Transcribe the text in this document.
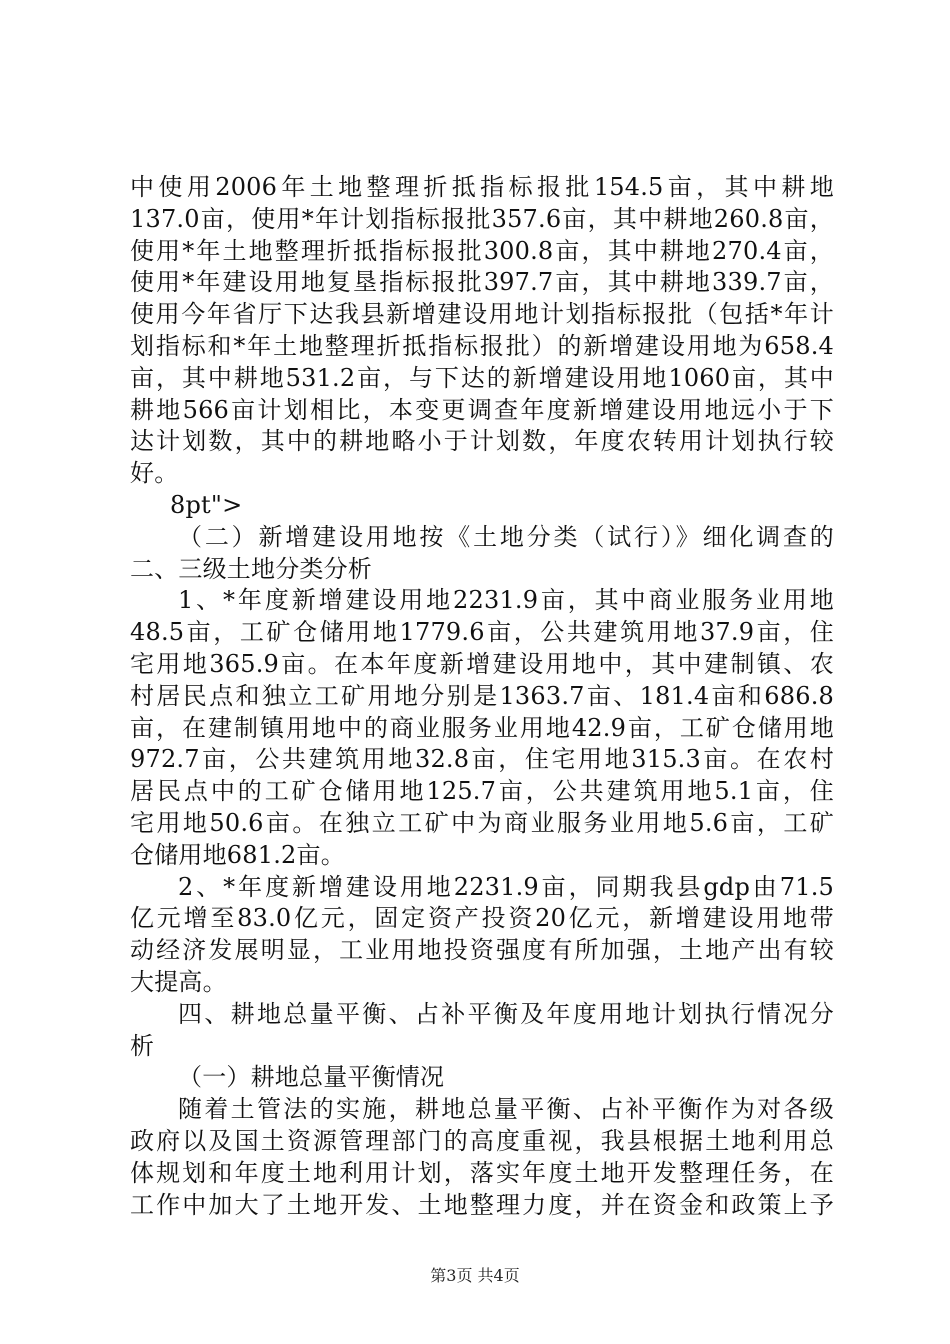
中使用2006年土地整理折抵指标报批154.5亩，其中耕地
137.0亩，使用*年计划指标报批357.6亩，其中耕地260.8亩，
使用*年土地整理折抵指标报批300.8亩，其中耕地270.4亩，
使用*年建设用地复垦指标报批397.7亩，其中耕地339.7亩，
使用今年省厅下达我县新增建设用地计划指标报批（包括*年计
划指标和*年土地整理折抵指标报批）的新增建设用地为658.4
亩，其中耕地531.2亩，与下达的新增建设用地1060亩，其中
耕地566亩计划相比，本变更调查年度新增建设用地远小于下
达计划数，其中的耕地略小于计划数，年度农转用计划执行较
好。
8pt">
（二）新增建设用地按《土地分类（试行）》细化调查的
二、三级土地分类分析
1、*年度新增建设用地2231.9亩，其中商业服务业用地
48.5亩，工矿仓储用地1779.6亩，公共建筑用地37.9亩，住
宅用地365.9亩。在本年度新增建设用地中，其中建制镇、农
村居民点和独立工矿用地分别是1363.7亩、181.4亩和686.8
亩，在建制镇用地中的商业服务业用地42.9亩，工矿仓储用地
972.7亩，公共建筑用地32.8亩，住宅用地315.3亩。在农村
居民点中的工矿仓储用地125.7亩，公共建筑用地5.1亩，住
宅用地50.6亩。在独立工矿中为商业服务业用地5.6亩，工矿
仓储用地681.2亩。
2、*年度新增建设用地2231.9亩，同期我县gdp由71.5
亿元增至83.0亿元，固定资产投资20亿元，新增建设用地带
动经济发展明显，工业用地投资强度有所加强，土地产出有较
大提高。
四、耕地总量平衡、占补平衡及年度用地计划执行情况分
析
（一）耕地总量平衡情况
随着土管法的实施，耕地总量平衡、占补平衡作为对各级
政府以及国土资源管理部门的高度重视，我县根据土地利用总
体规划和年度土地利用计划，落实年度土地开发整理任务，在
工作中加大了土地开发、土地整理力度，并在资金和政策上予
第3页 共4页
